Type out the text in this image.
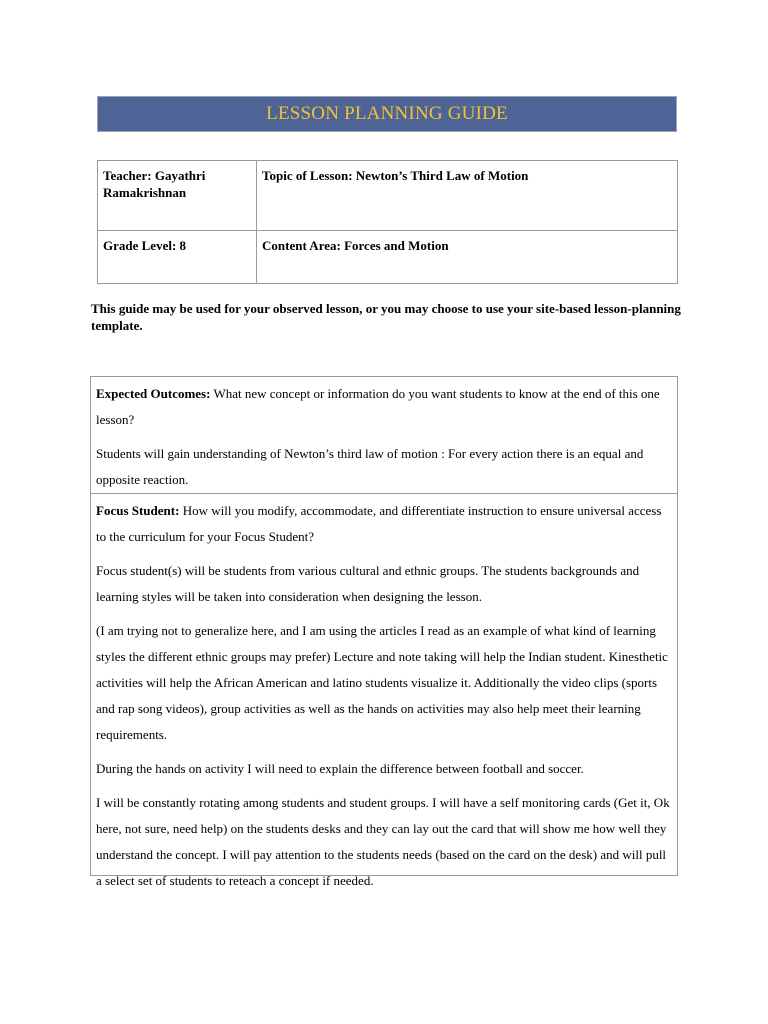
LESSON PLANNING GUIDE
Teacher: Gayathri Ramakrishnan	Topic of Lesson: Newton’s Third Law of Motion
Grade Level: 8	Content Area: Forces and Motion
This guide may be used for your observed lesson, or you may choose to use your site-based lesson-planning template.

Expected Outcomes: What new concept or information do you want students to know at the end of this one lesson?

Students will gain understanding of Newton’s third law of motion : For every action there is an equal and opposite reaction.

Focus Student: How will you modify, accommodate, and differentiate instruction to ensure universal access to the curriculum for your Focus Student?

Focus student(s) will be students from various cultural and ethnic groups. The students backgrounds and learning styles will be taken into consideration when designing the lesson.

(I am trying not to generalize here, and I am using the articles I read as an example of what kind of learning styles the different ethnic groups may prefer) Lecture and note taking will help the Indian student. Kinesthetic activities will help the African American and latino students visualize it. Additionally the video clips (sports and rap song videos), group activities as well as the hands on activities may also help meet their learning requirements.

During the hands on activity I will need to explain the difference between football and soccer.

I will be constantly rotating among students and student groups. I will have a self monitoring cards (Get it, Ok here, not sure, need help) on the students desks and they can lay out the card that will show me how well they understand the concept. I will pay attention to the students needs (based on the card on the desk) and will pull a select set of students to reteach a concept if needed.
